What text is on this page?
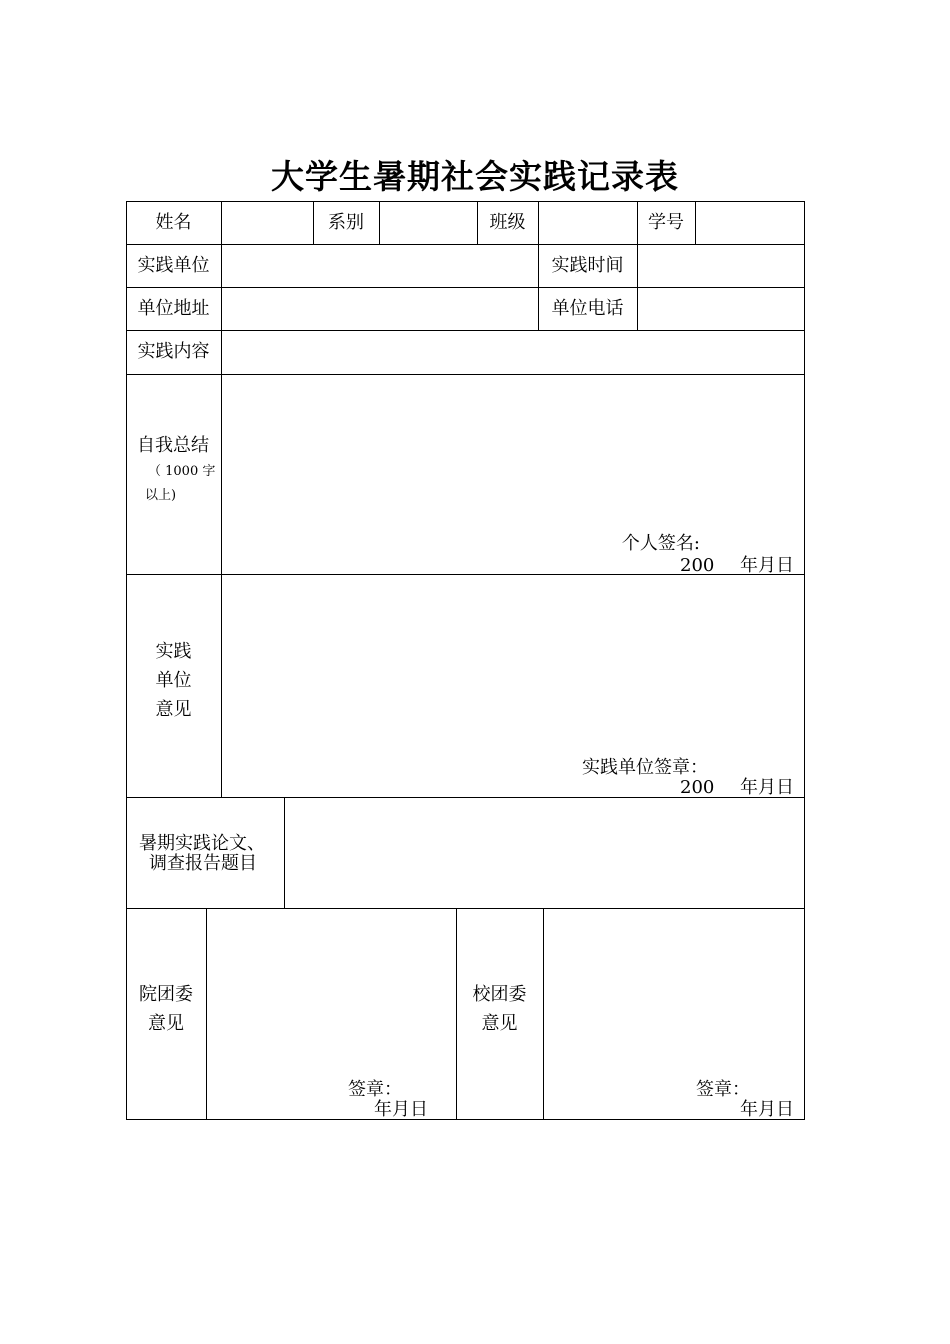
大学生暑期社会实践记录表
姓名	系别	班级	学号
实践单位	实践时间
单位地址	单位电话
实践内容
自我总结
（ 1000 字
以上)
个人签名:
200	年月日
实践
单位
意见
实践单位签章：
200	年月日
暑期实践论文、
调查报告题目
院团委
意见
签章：
年月日
校团委
意见
签章：
年月日
